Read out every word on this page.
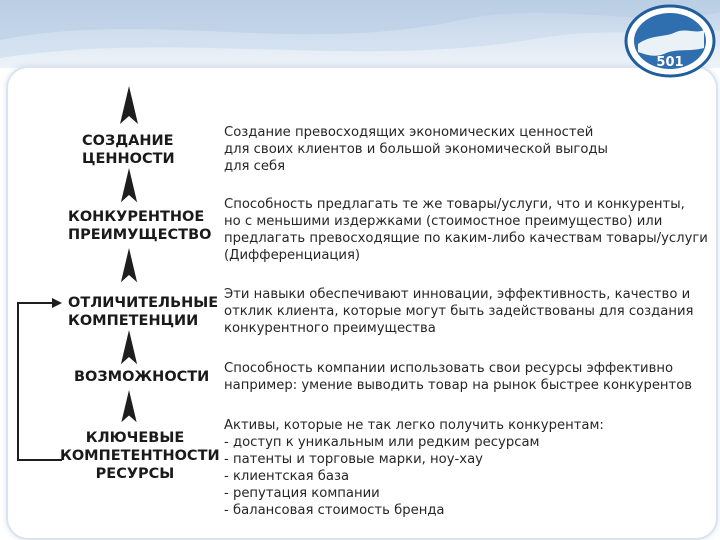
501
СОЗДАНИЕ
ЦЕННОСТИ
КОНКУРЕНТНОЕ
ПРЕИМУЩЕСТВО
ОТЛИЧИТЕЛЬНЫЕ
КОМПЕТЕНЦИИ
ВОЗМОЖНОСТИ
КЛЮЧЕВЫЕ
КОМПЕТЕНТНОСТИ
РЕСУРСЫ
Создание превосходящих экономических ценностей
для своих клиентов и большой экономической выгоды
для себя
Способность предлагать те же товары/услуги, что и конкуренты,
но с меньшими издержками (стоимостное преимущество) или
предлагать превосходящие по каким-либо качествам товары/услуги
(Дифференциация)
Эти навыки обеспечивают инновации, эффективность, качество и
отклик клиента, которые могут быть задействованы для создания
конкурентного преимущества
Способность компании использовать свои ресурсы эффективно
например: умение выводить товар на рынок быстрее конкурентов
Активы, которые не так легко получить конкурентам:
- доступ к уникальным или редким ресурсам
- патенты и торговые марки, ноу-хау
- клиентская база
- репутация компании
- балансовая стоимость бренда
